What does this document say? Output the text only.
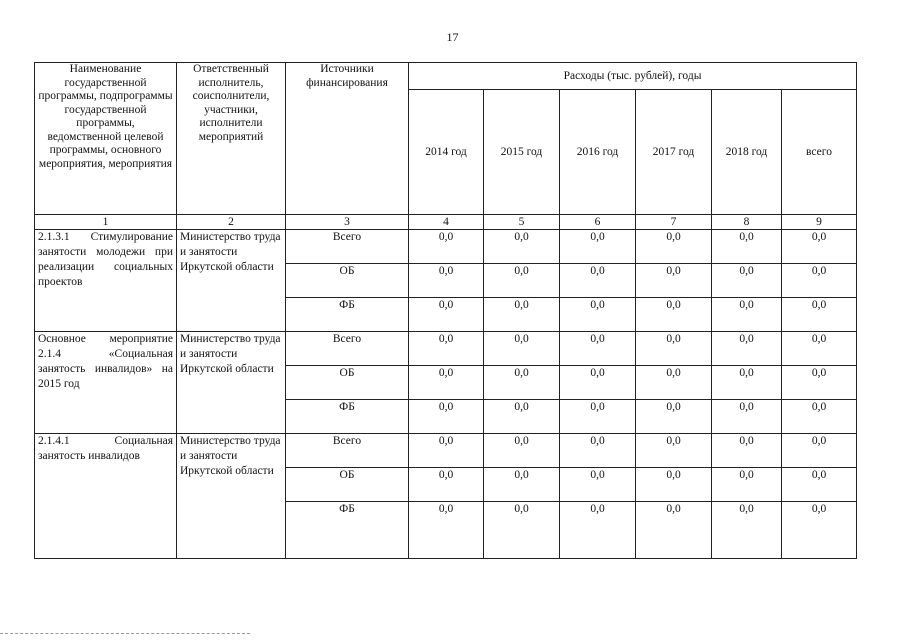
17
Наименование государственной программы, подпрограммы государственной программы, ведомственной целевой программы, основного мероприятия, мероприятия	Ответственный исполнитель, соисполнители, участники, исполнители мероприятий	Источники финансирования	Расходы (тыс. рублей), годы					
			2014 год	2015 год	2016 год	2017 год	2018 год	всего
1	2	3	4	5	6	7	8	9
2.1.3.1 Стимулирование занятости молодежи при реализации социальных проектов	Министерство труда и занятости Иркутской области	Всего	0,0	0,0	0,0	0,0	0,0	0,0
		ОБ	0,0	0,0	0,0	0,0	0,0	0,0
		ФБ	0,0	0,0	0,0	0,0	0,0	0,0
Основное мероприятие 2.1.4 «Социальная занятость инвалидов» на 2015 год	Министерство труда и занятости Иркутской области	Всего	0,0	0,0	0,0	0,0	0,0	0,0
		ОБ	0,0	0,0	0,0	0,0	0,0	0,0
		ФБ	0,0	0,0	0,0	0,0	0,0	0,0
2.1.4.1 Социальная занятость инвалидов	Министерство труда и занятости Иркутской области	Всего	0,0	0,0	0,0	0,0	0,0	0,0
		ОБ	0,0	0,0	0,0	0,0	0,0	0,0
		ФБ	0,0	0,0	0,0	0,0	0,0	0,0
